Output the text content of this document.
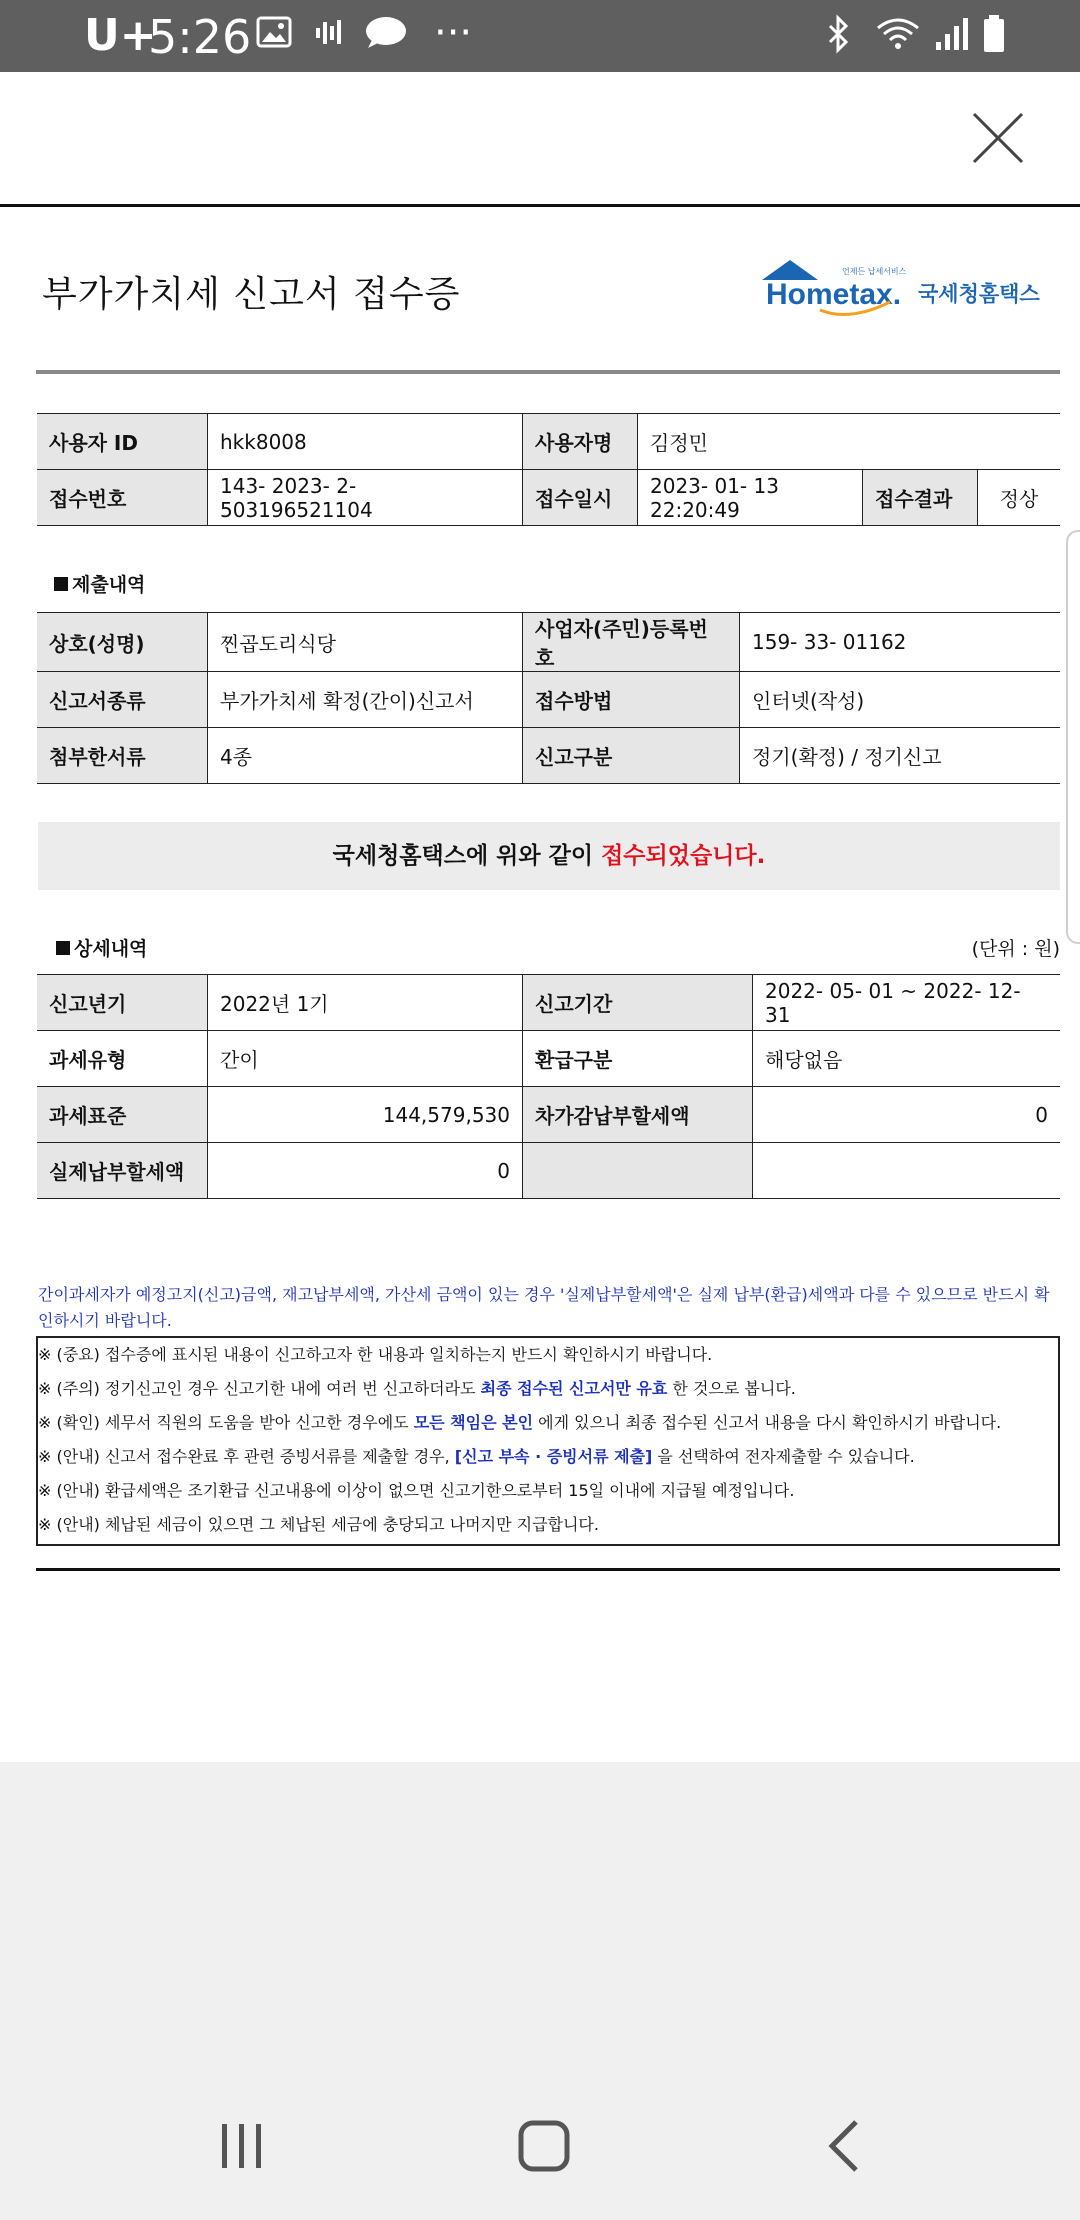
U+
5:26	···
부가가치세 신고서 접수증	Hometax.
언제든 납세서비스
국세청홈택스
사용자 ID	hkk8008	사용자명	김정민		
접수번호	143- 2023- 2- 503196521104	접수일시	2023- 01- 13 22:20:49	접수결과	정상
제출내역
상호(성명)	찐곱도리식당	사업자(주민)등록번호	159- 33- 01162
신고서종류	부가가치세 확정(간이)신고서	접수방법	인터넷(작성)
첨부한서류	4종	신고구분	정기(확정) / 정기신고
국세청홈택스에 위와 같이 접수되었습니다.
상세내역	(단위 : 원)
신고년기	2022년 1기	신고기간	2022- 05- 01 ~ 2022- 12- 31
과세유형	간이	환급구분	해당없음
과세표준	144,579,530	차가감납부할세액	0
실제납부할세액	0		
간이과세자가 예정고지(신고)금액, 재고납부세액, 가산세 금액이 있는 경우 '실제납부할세액'은 실제 납부(환급)세액과 다를 수 있으므로 반드시 확인하시기 바랍니다.
※ (중요) 접수증에 표시된 내용이 신고하고자 한 내용과 일치하는지 반드시 확인하시기 바랍니다.
※ (주의) 정기신고인 경우 신고기한 내에 여러 번 신고하더라도 최종 접수된 신고서만 유효 한 것으로 봅니다.
※ (확인) 세무서 직원의 도움을 받아 신고한 경우에도 모든 책임은 본인 에게 있으니 최종 접수된 신고서 내용을 다시 확인하시기 바랍니다.
※ (안내) 신고서 접수완료 후 관련 증빙서류를 제출할 경우, [신고 부속 · 증빙서류 제출] 을 선택하여 전자제출할 수 있습니다.
※ (안내) 환급세액은 조기환급 신고내용에 이상이 없으면 신고기한으로부터 15일 이내에 지급될 예정입니다.
※ (안내) 체납된 세금이 있으면 그 체납된 세금에 충당되고 나머지만 지급합니다.
